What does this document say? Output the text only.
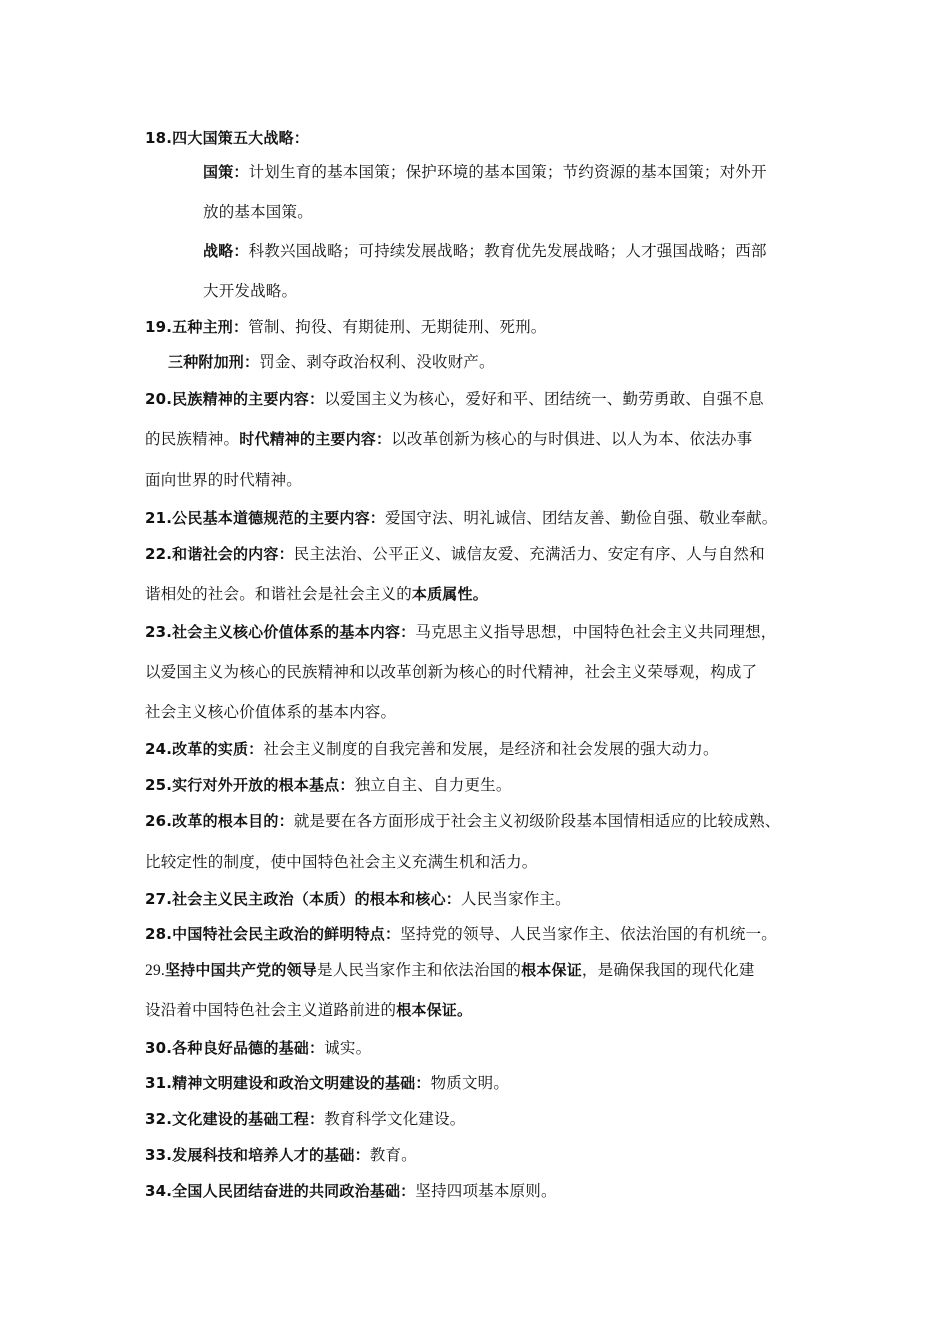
18.四大国策五大战略：
国策：计划生育的基本国策；保护环境的基本国策；节约资源的基本国策；对外开
放的基本国策。
战略：科教兴国战略；可持续发展战略；教育优先发展战略；人才强国战略；西部
大开发战略。
19.五种主刑：管制、拘役、有期徒刑、无期徒刑、死刑。
三种附加刑：罚金、剥夺政治权利、没收财产。
20.民族精神的主要内容：以爱国主义为核心，爱好和平、团结统一、勤劳勇敢、自强不息
的民族精神。时代精神的主要内容：以改革创新为核心的与时俱进、以人为本、依法办事
面向世界的时代精神。
21.公民基本道德规范的主要内容：爱国守法、明礼诚信、团结友善、勤俭自强、敬业奉献。
22.和谐社会的内容：民主法治、公平正义、诚信友爱、充满活力、安定有序、人与自然和
谐相处的社会。和谐社会是社会主义的本质属性。
23.社会主义核心价值体系的基本内容：马克思主义指导思想，中国特色社会主义共同理想，
以爱国主义为核心的民族精神和以改革创新为核心的时代精神，社会主义荣辱观，构成了
社会主义核心价值体系的基本内容。
24.改革的实质：社会主义制度的自我完善和发展，是经济和社会发展的强大动力。
25.实行对外开放的根本基点：独立自主、自力更生。
26.改革的根本目的：就是要在各方面形成于社会主义初级阶段基本国情相适应的比较成熟、
比较定性的制度，使中国特色社会主义充满生机和活力。
27.社会主义民主政治（本质）的根本和核心：人民当家作主。
28.中国特社会民主政治的鲜明特点：坚持党的领导、人民当家作主、依法治国的有机统一。
29.坚持中国共产党的领导是人民当家作主和依法治国的根本保证，是确保我国的现代化建
设沿着中国特色社会主义道路前进的根本保证。
30.各种良好品德的基础：诚实。
31.精神文明建设和政治文明建设的基础：物质文明。
32.文化建设的基础工程：教育科学文化建设。
33.发展科技和培养人才的基础：教育。
34.全国人民团结奋进的共同政治基础：坚持四项基本原则。
